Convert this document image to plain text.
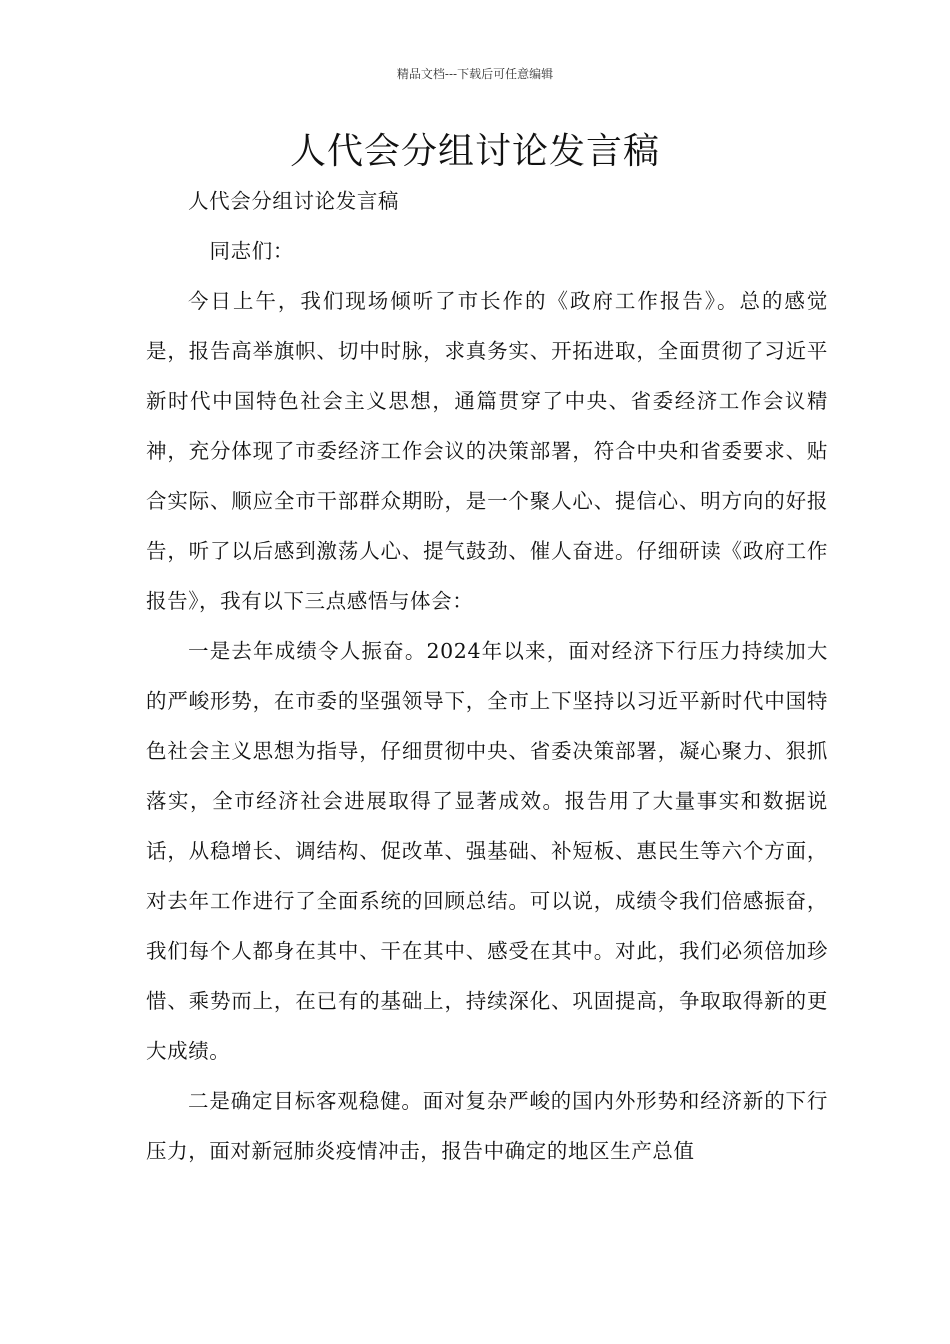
精品文档---下载后可任意编辑
人代会分组讨论发言稿

人代会分组讨论发言稿

同志们：

今日上午，我们现场倾听了市长作的《政府工作报告》。总的感觉是，报告高举旗帜、切中时脉，求真务实、开拓进取，全面贯彻了习近平新时代中国特色社会主义思想，通篇贯穿了中央、省委经济工作会议精神，充分体现了市委经济工作会议的决策部署，符合中央和省委要求、贴合实际、顺应全市干部群众期盼，是一个聚人心、提信心、明方向的好报告，听了以后感到激荡人心、提气鼓劲、催人奋进。仔细研读《政府工作报告》，我有以下三点感悟与体会：

一是去年成绩令人振奋。2024年以来，面对经济下行压力持续加大的严峻形势，在市委的坚强领导下，全市上下坚持以习近平新时代中国特色社会主义思想为指导，仔细贯彻中央、省委决策部署，凝心聚力、狠抓落实，全市经济社会进展取得了显著成效。报告用了大量事实和数据说话，从稳增长、调结构、促改革、强基础、补短板、惠民生等六个方面，对去年工作进行了全面系统的回顾总结。可以说，成绩令我们倍感振奋，我们每个人都身在其中、干在其中、感受在其中。对此，我们必须倍加珍惜、乘势而上，在已有的基础上，持续深化、巩固提高，争取取得新的更大成绩。

二是确定目标客观稳健。面对复杂严峻的国内外形势和经济新的下行压力，面对新冠肺炎疫情冲击，报告中确定的地区生产总值
